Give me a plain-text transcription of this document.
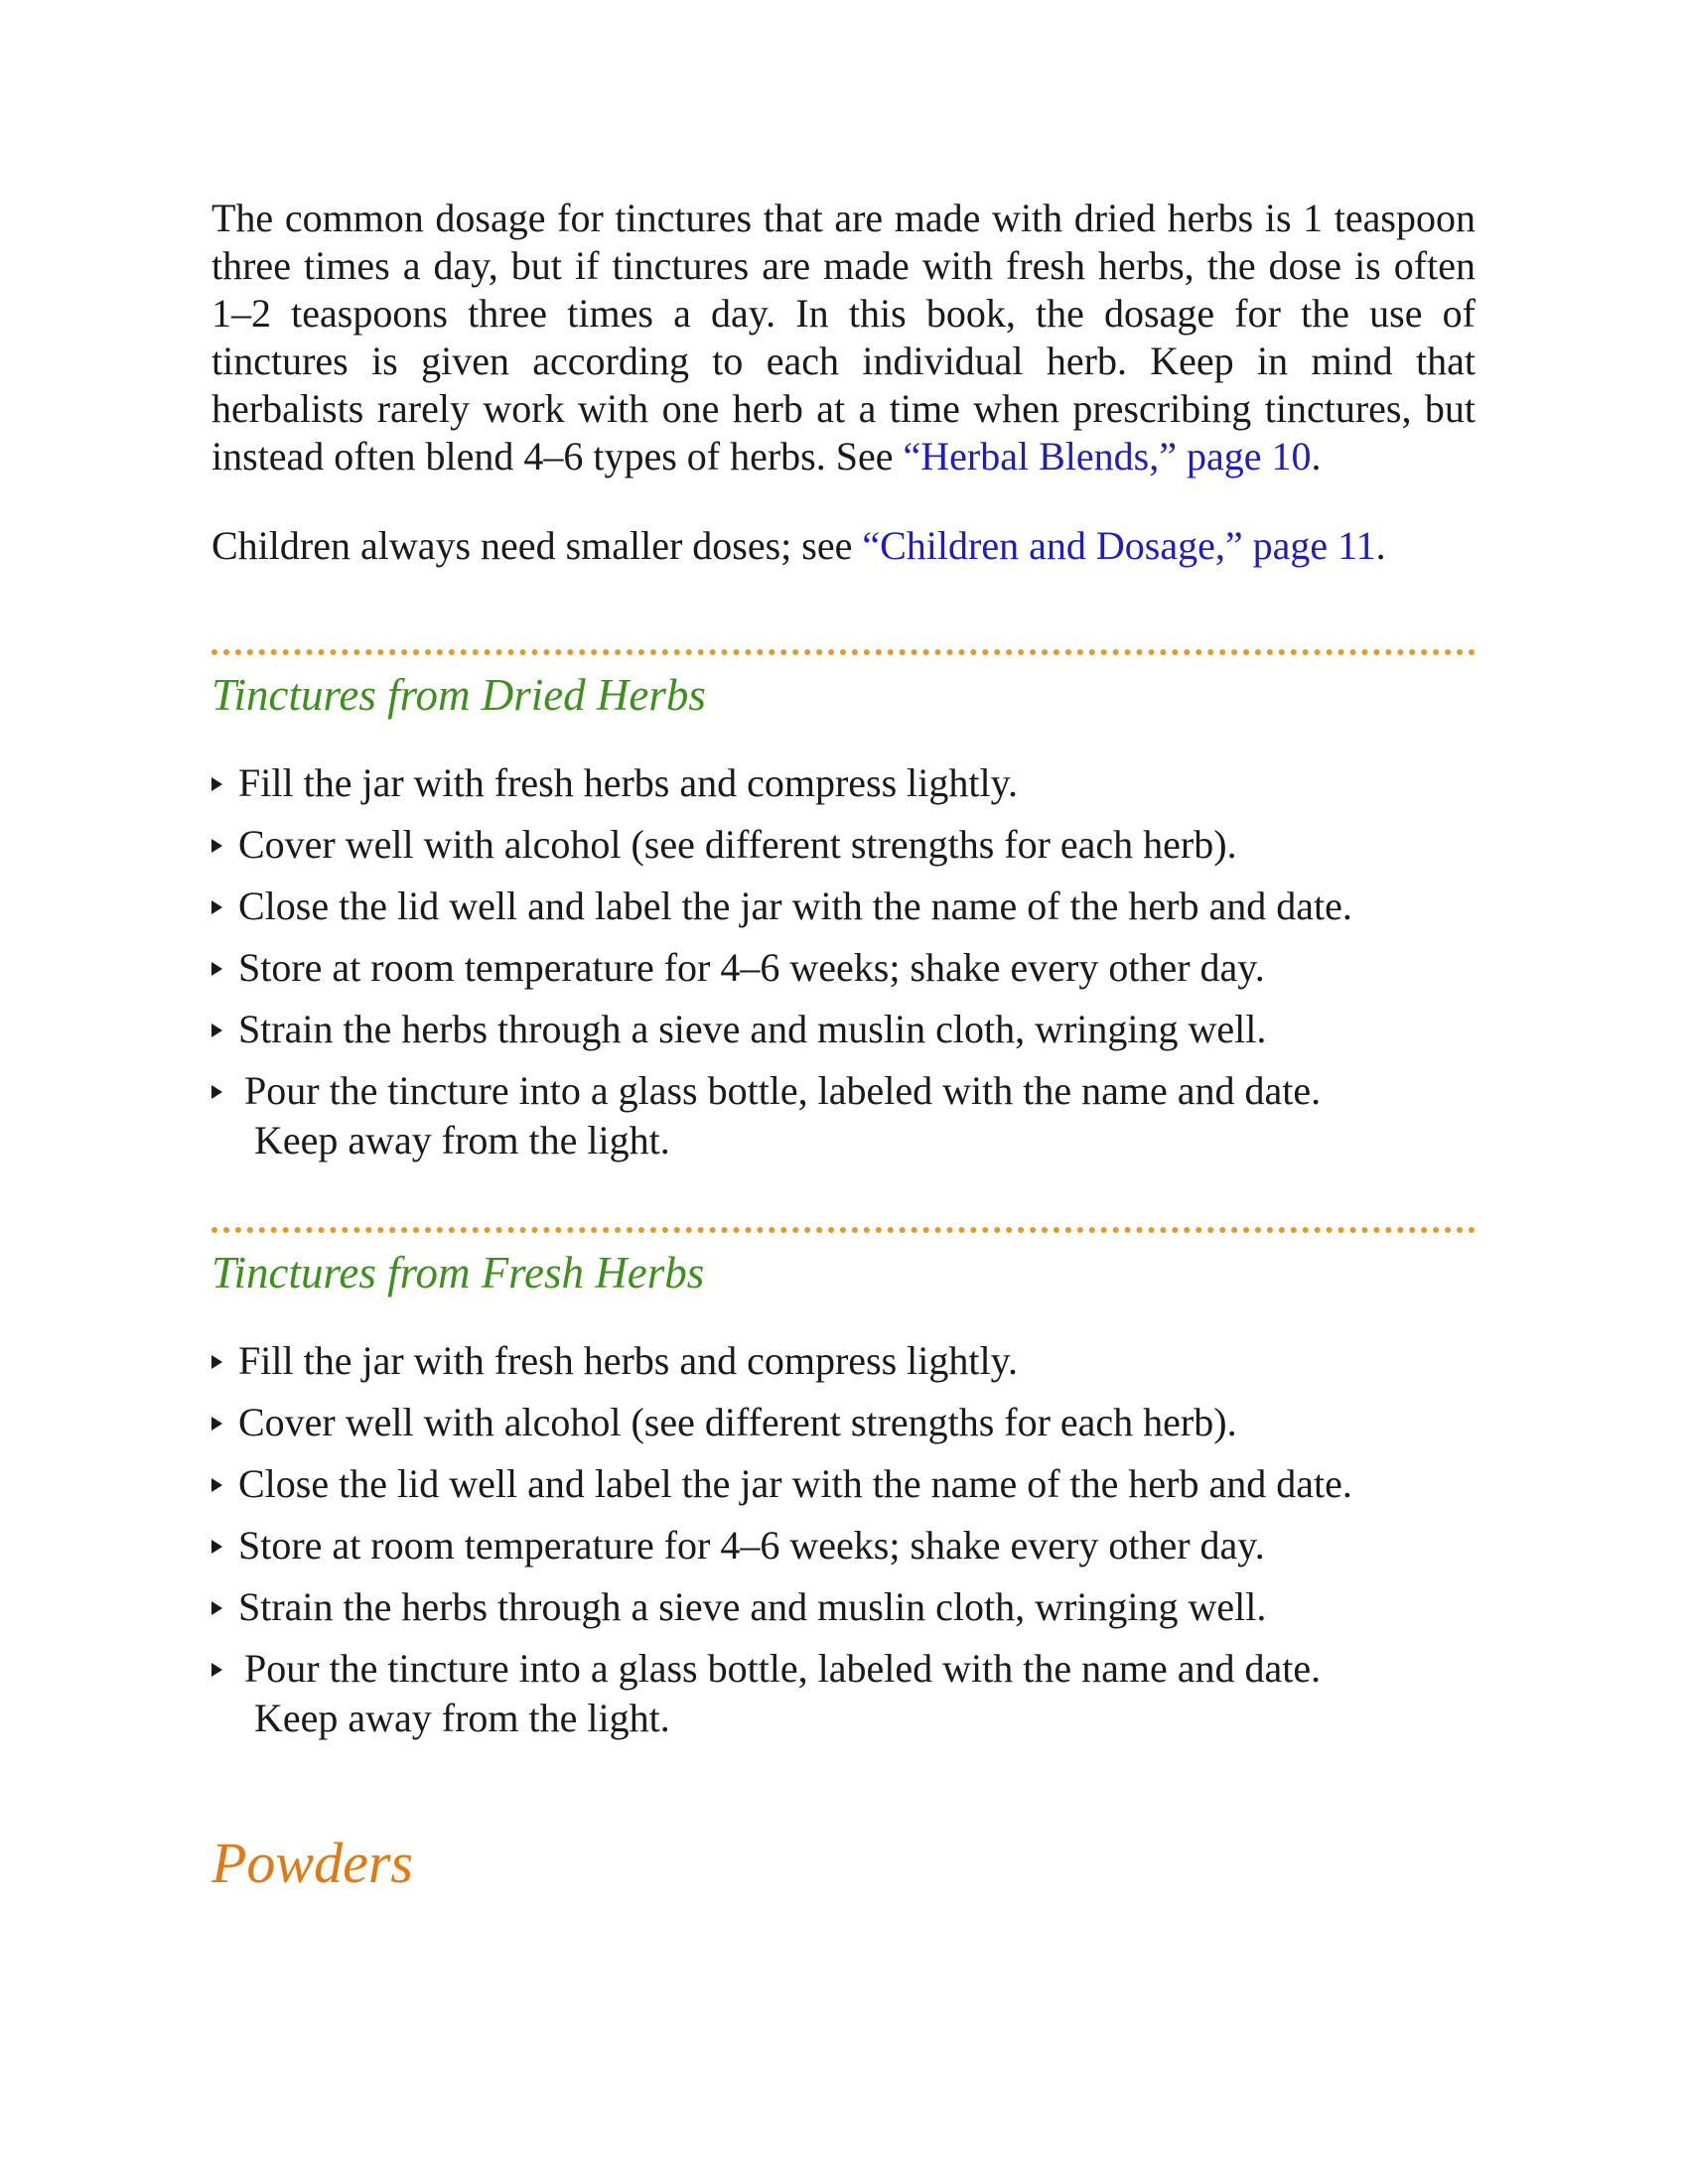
The common dosage for tinctures that are made with dried herbs is 1 teaspoon three times a day, but if tinctures are made with fresh herbs, the dose is often 1–2 teaspoons three times a day. In this book, the dosage for the use of tinctures is given according to each individual herb. Keep in mind that herbalists rarely work with one herb at a time when prescribing tinctures, but instead often blend 4–6 types of herbs. See “Herbal Blends,” page 10.

Children always need smaller doses; see “Children and Dosage,” page 11.

Tinctures from Dried Herbs
Fill the jar with fresh herbs and compress lightly.
Cover well with alcohol (see different strengths for each herb).
Close the lid well and label the jar with the name of the herb and date.
Store at room temperature for 4–6 weeks; shake every other day.
Strain the herbs through a sieve and muslin cloth, wringing well.
Pour the tincture into a glass bottle, labeled with the name and date.
Keep away from the light.
Tinctures from Fresh Herbs
Fill the jar with fresh herbs and compress lightly.
Cover well with alcohol (see different strengths for each herb).
Close the lid well and label the jar with the name of the herb and date.
Store at room temperature for 4–6 weeks; shake every other day.
Strain the herbs through a sieve and muslin cloth, wringing well.
Pour the tincture into a glass bottle, labeled with the name and date.
Keep away from the light.
Powders
